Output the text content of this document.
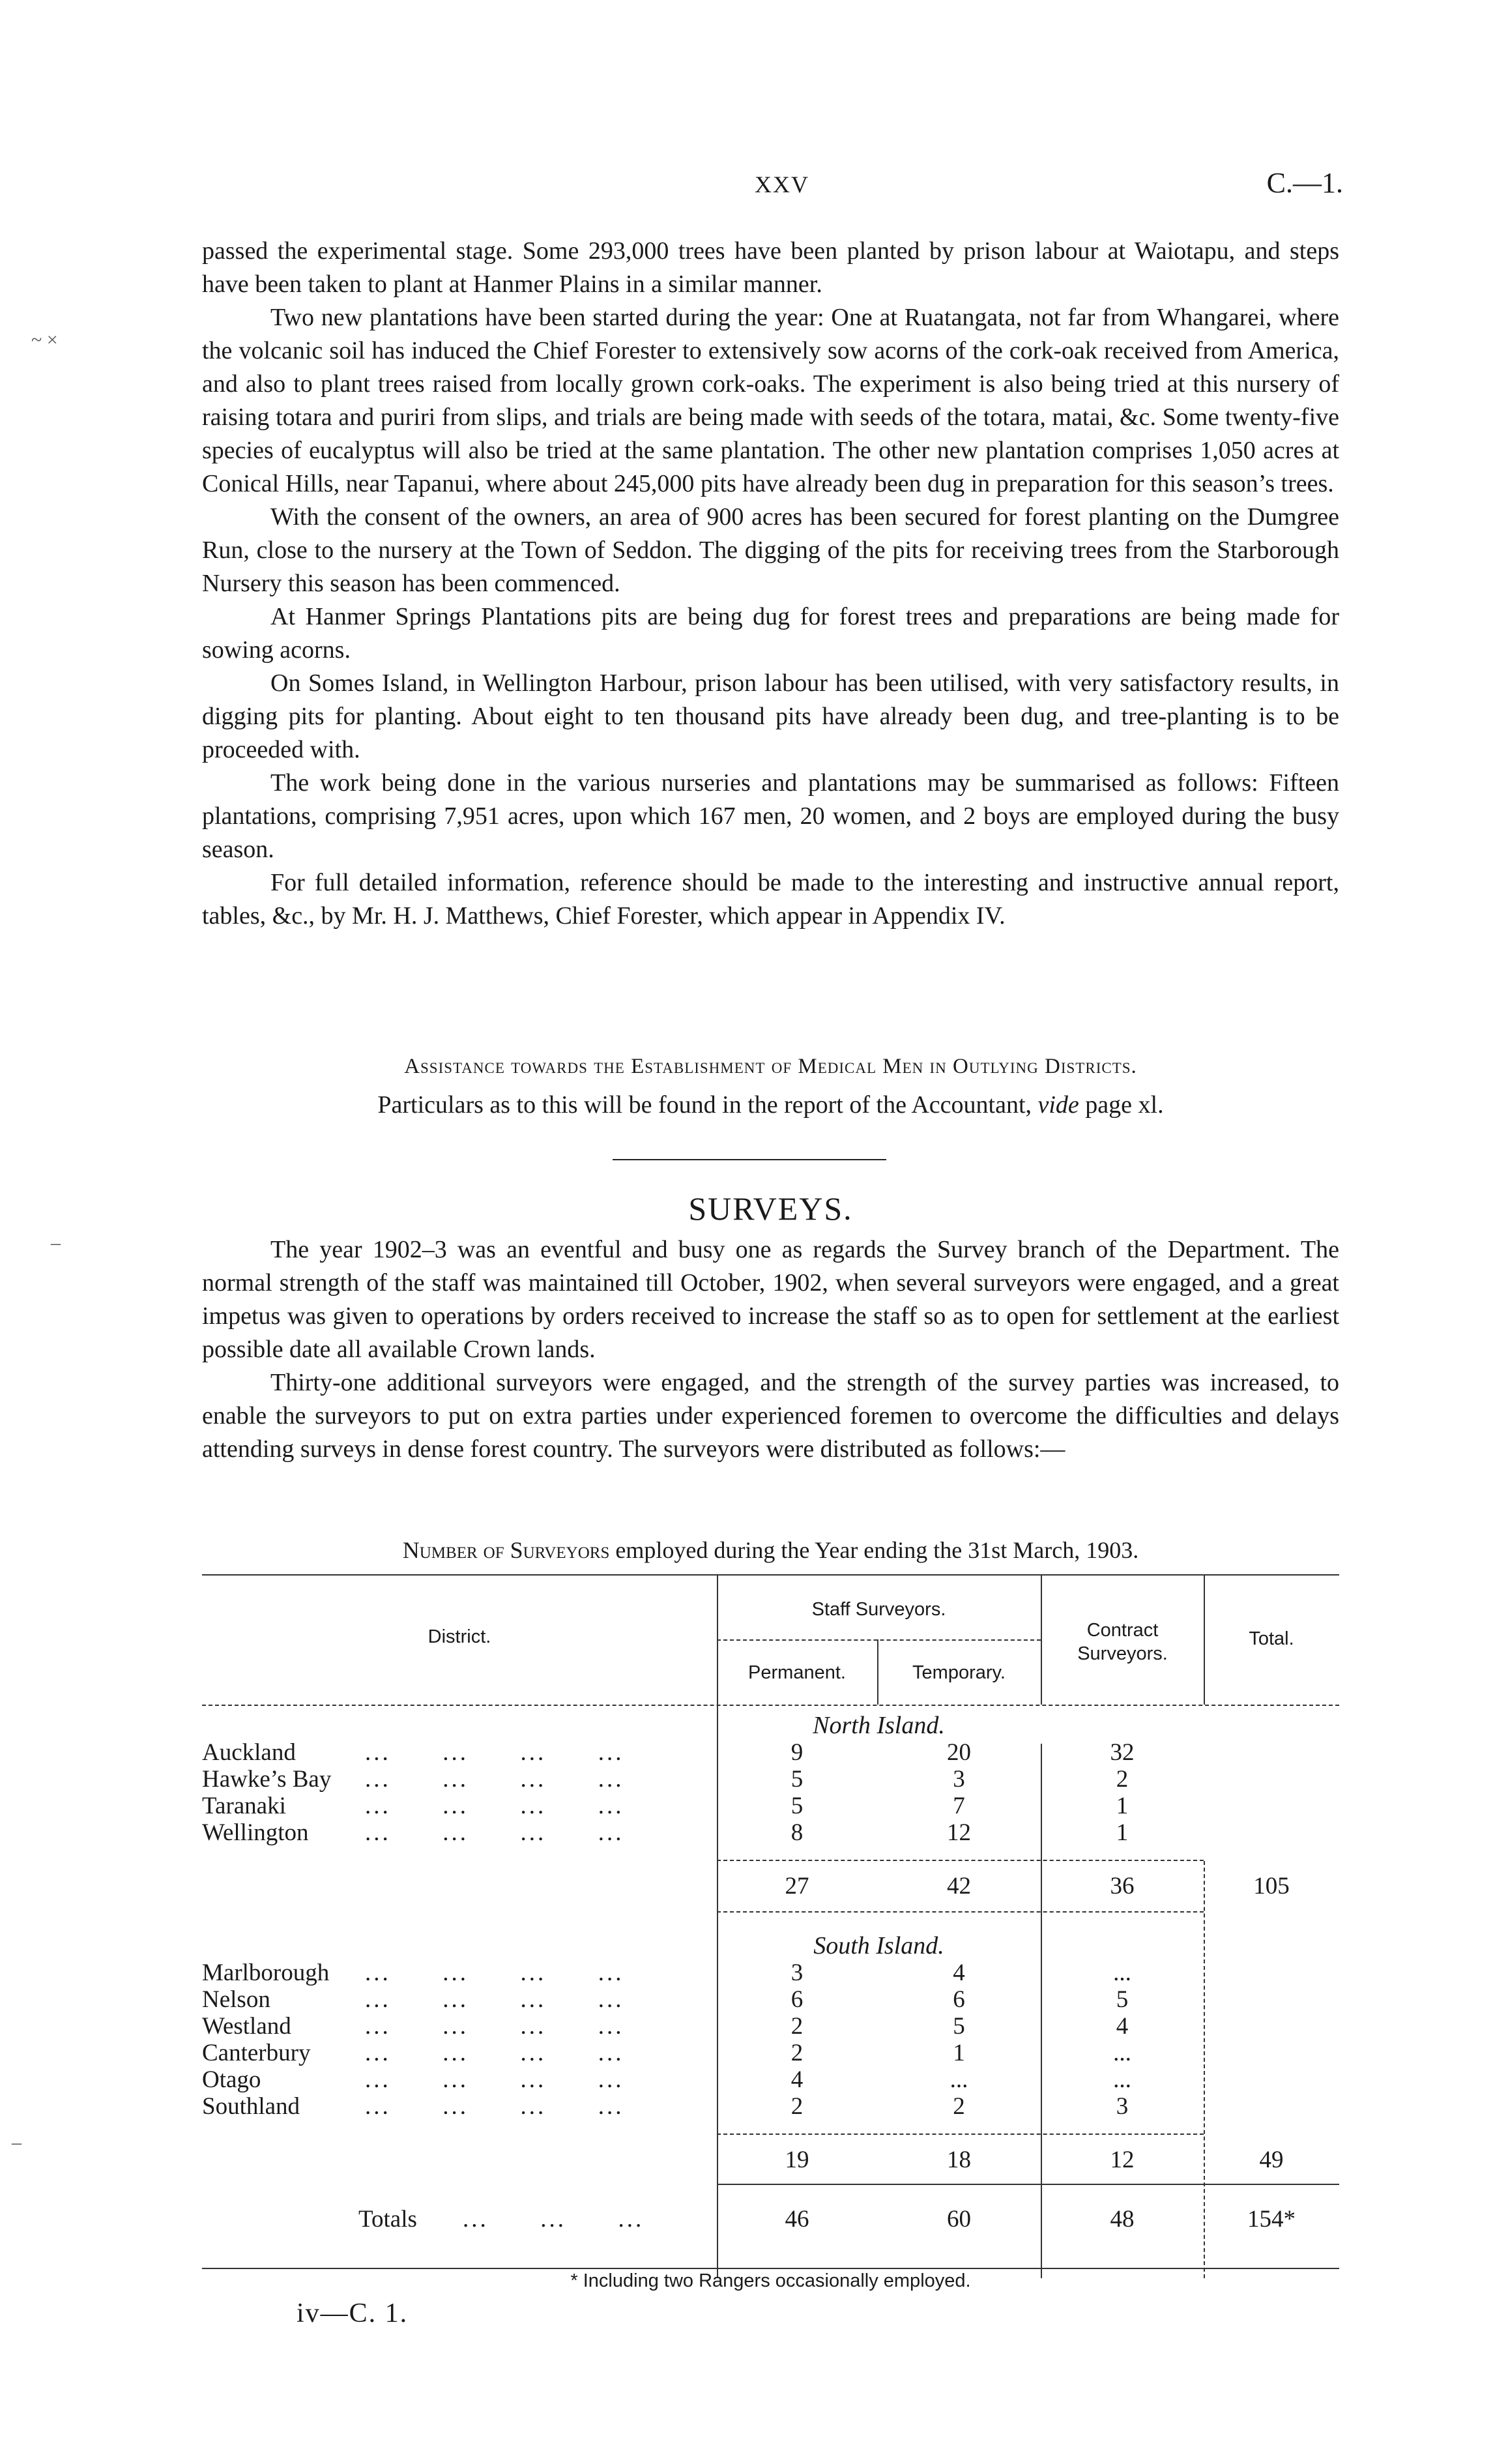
XXV	C.—1.
~ ×
–
–

passed the experimental stage. Some 293,000 trees have been planted by prison labour at Waiotapu, and steps have been taken to plant at Hanmer Plains in a similar manner.

Two new plantations have been started during the year: One at Ruatangata, not far from Whangarei, where the volcanic soil has induced the Chief Forester to extensively sow acorns of the cork-oak received from America, and also to plant trees raised from locally grown cork-oaks. The experiment is also being tried at this nursery of raising totara and puriri from slips, and trials are being made with seeds of the totara, matai, &c. Some twenty-five species of eucalyptus will also be tried at the same plantation. The other new plantation comprises 1,050 acres at Conical Hills, near Tapanui, where about 245,000 pits have already been dug in preparation for this season’s trees.

With the consent of the owners, an area of 900 acres has been secured for forest planting on the Dumgree Run, close to the nursery at the Town of Seddon. The digging of the pits for receiving trees from the Starborough Nursery this season has been commenced.

At Hanmer Springs Plantations pits are being dug for forest trees and preparations are being made for sowing acorns.

On Somes Island, in Wellington Harbour, prison labour has been utilised, with very satisfactory results, in digging pits for planting. About eight to ten thousand pits have already been dug, and tree-planting is to be proceeded with.

The work being done in the various nurseries and plantations may be summarised as follows: Fifteen plantations, comprising 7,951 acres, upon which 167 men, 20 women, and 2 boys are employed during the busy season.

For full detailed information, reference should be made to the interesting and instructive annual report, tables, &c., by Mr. H. J. Matthews, Chief Forester, which appear in Appendix IV.

Assistance towards the Establishment of Medical Men in Outlying Districts.
Particulars as to this will be found in the report of the Accountant, vide page xl.
SURVEYS.

The year 1902–3 was an eventful and busy one as regards the Survey branch of the Department. The normal strength of the staff was maintained till October, 1902, when several surveyors were engaged, and a great impetus was given to operations by orders received to increase the staff so as to open for settlement at the earliest possible date all available Crown lands.

Thirty-one additional surveyors were engaged, and the strength of the survey parties was increased, to enable the surveyors to put on extra parties under experienced foremen to overcome the difficulties and delays attending surveys in dense forest country. The surveyors were distributed as follows:—

Number of Surveyors employed during the Year ending the 31st March, 1903.
District.
Staff Surveyors.
Permanent.	Temporary.
Contract Surveyors.
Total.
North Island.
Auckland	...      ...      ...      ...	9	20	32
Hawke’s Bay ...      ...      ...      ...	5	3	2
Taranaki	...      ...      ...      ...	5	7	1
Wellington ...      ...      ...      ...	8	12	1
27	42	36	105
South Island.
Marlborough ...      ...      ...      ...	3	4	...
Nelson	...      ...      ...      ...	6	6	5
Westland	...      ...      ...      ...	2	5	4
Canterbury ...      ...      ...      ...	2	1	...
Otago	...      ...      ...      ...	4	...	...
Southland	...      ...      ...      ...	2	2	3
19	18	12	49
Totals ...      ...      ...	46	60	48	154*
* Including two Rangers occasionally employed.
iv—C. 1.
